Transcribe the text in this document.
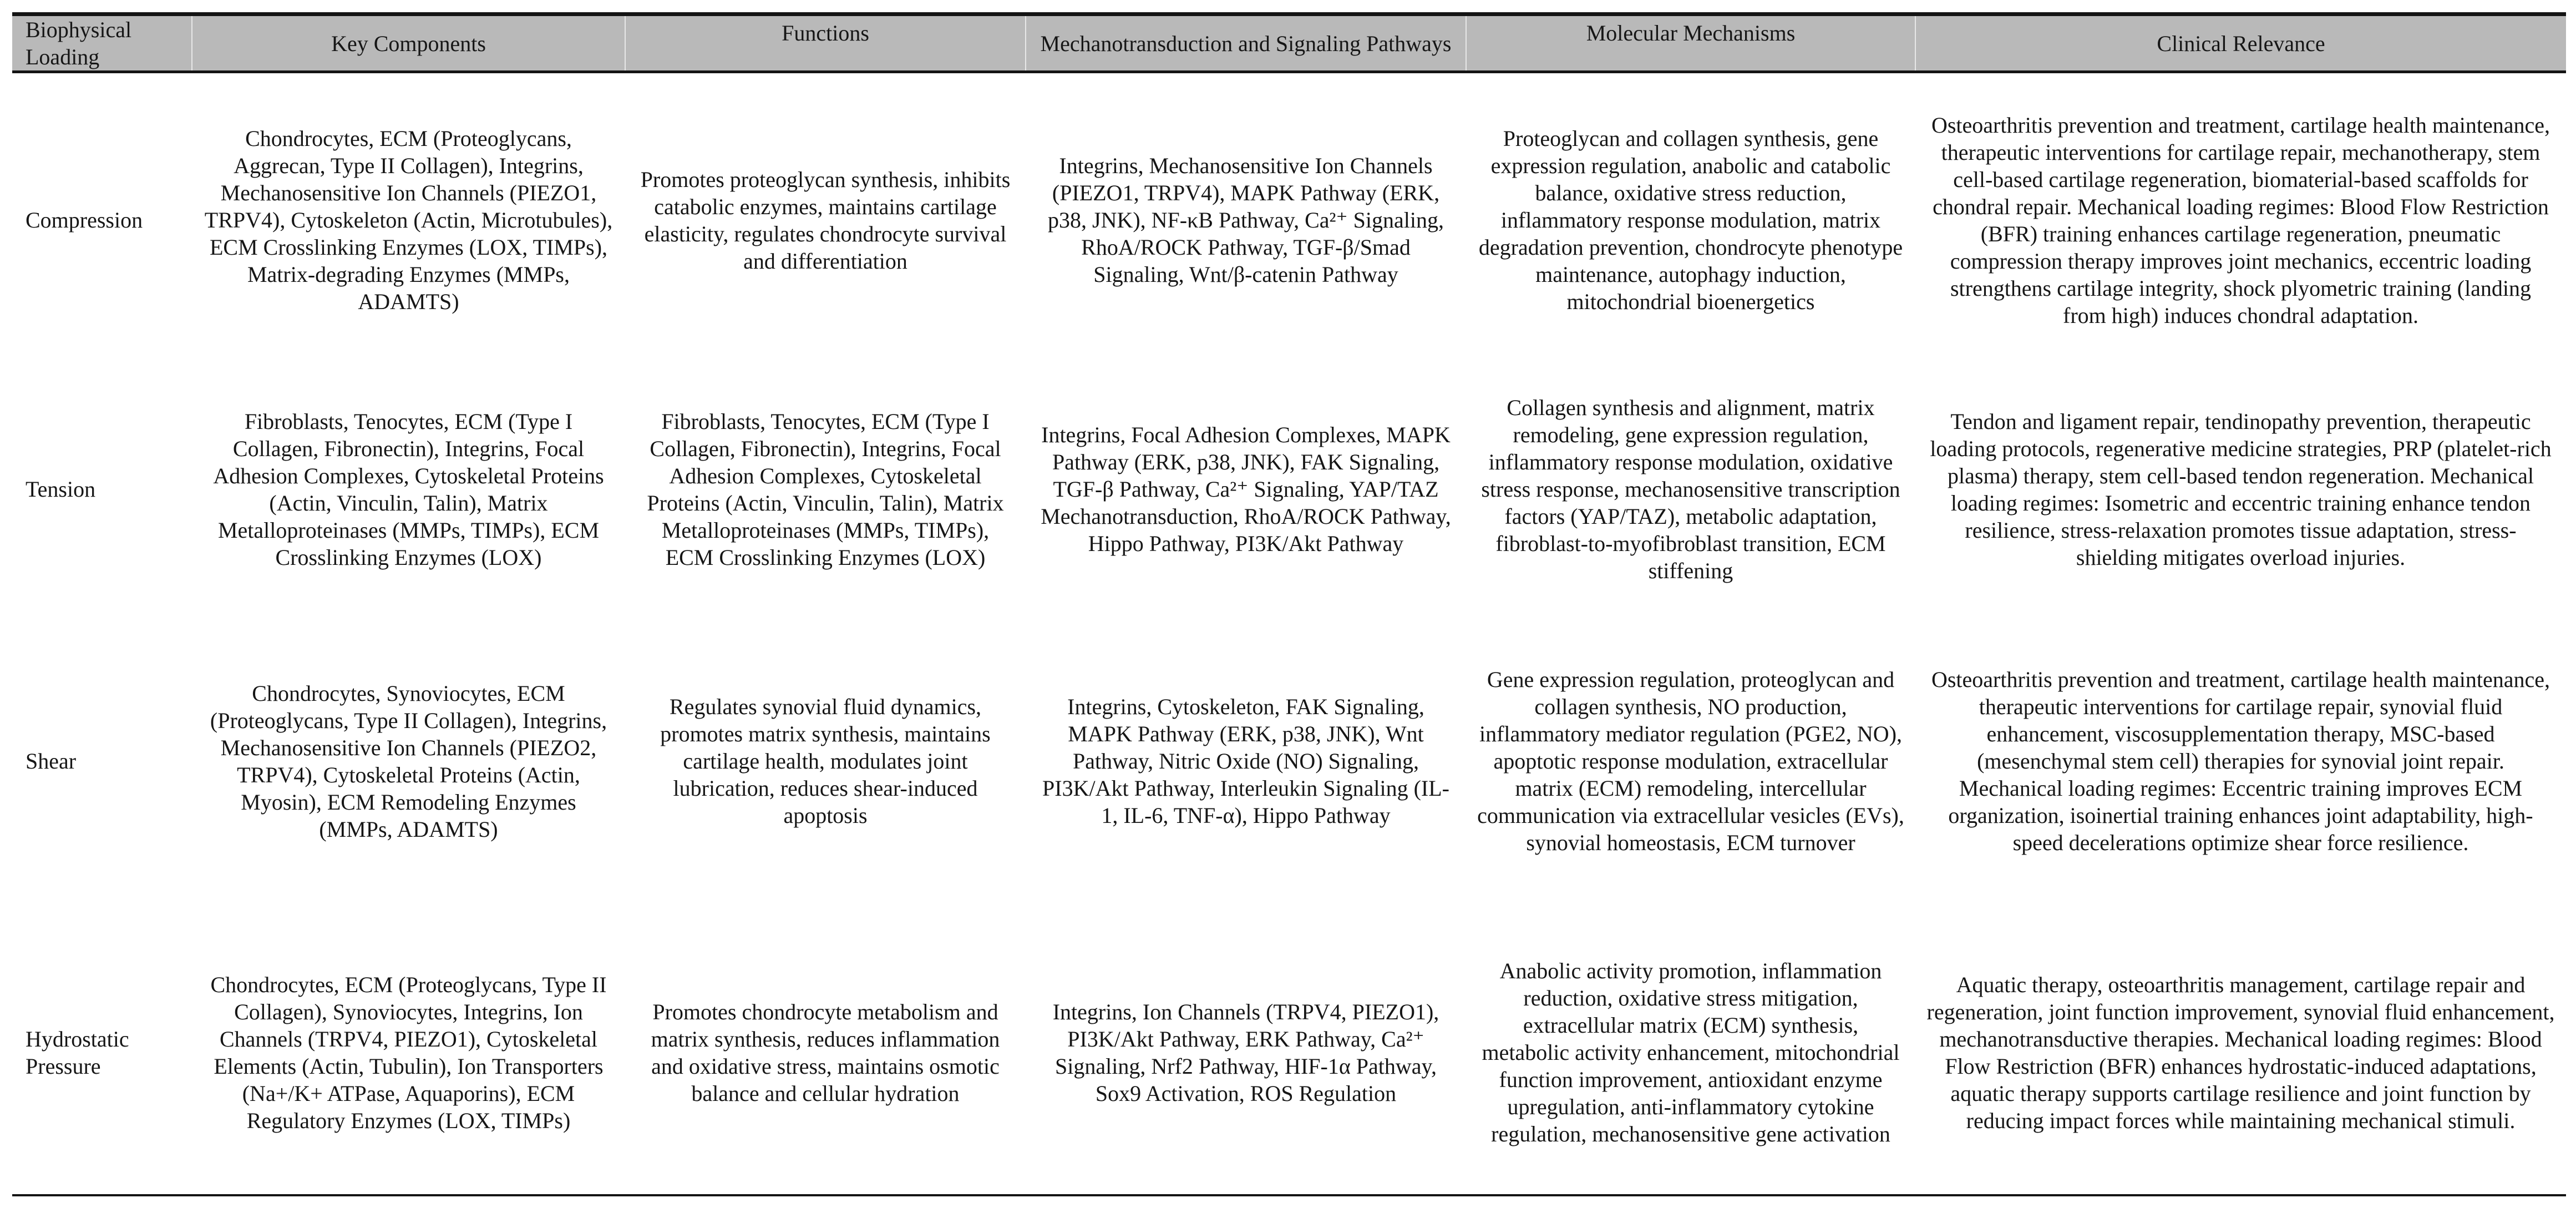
Biophysical Loading	Key Components	Functions	Mechanotransduction and Signaling Pathways	Molecular Mechanisms	Clinical Relevance
Compression	Chondrocytes, ECM (Proteoglycans, Aggrecan, Type II Collagen), Integrins, Mechanosensitive Ion Channels (PIEZO1, TRPV4), Cytoskeleton (Actin, Microtubules), ECM Crosslinking Enzymes (LOX, TIMPs), Matrix-degrading Enzymes (MMPs, ADAMTS)	Promotes proteoglycan synthesis, inhibits catabolic enzymes, maintains cartilage elasticity, regulates chondrocyte survival and differentiation	Integrins, Mechanosensitive Ion Channels (PIEZO1, TRPV4), MAPK Pathway (ERK, p38, JNK), NF-κB Pathway, Ca²⁺ Signaling, RhoA/ROCK Pathway, TGF-β/Smad Signaling, Wnt/β-catenin Pathway	Proteoglycan and collagen synthesis, gene expression regulation, anabolic and catabolic balance, oxidative stress reduction, inflammatory response modulation, matrix degradation prevention, chondrocyte phenotype maintenance, autophagy induction, mitochondrial bioenergetics	Osteoarthritis prevention and treatment, cartilage health maintenance, therapeutic interventions for cartilage repair, mechanotherapy, stem cell-based cartilage regeneration, biomaterial-based scaffolds for chondral repair. Mechanical loading regimes: Blood Flow Restriction (BFR) training enhances cartilage regeneration, pneumatic compression therapy improves joint mechanics, eccentric loading strengthens cartilage integrity, shock plyometric training (landing from high) induces chondral adaptation.
Tension	Fibroblasts, Tenocytes, ECM (Type I Collagen, Fibronectin), Integrins, Focal Adhesion Complexes, Cytoskeletal Proteins (Actin, Vinculin, Talin), Matrix Metalloproteinases (MMPs, TIMPs), ECM Crosslinking Enzymes (LOX)	Fibroblasts, Tenocytes, ECM (Type I Collagen, Fibronectin), Integrins, Focal Adhesion Complexes, Cytoskeletal Proteins (Actin, Vinculin, Talin), Matrix Metalloproteinases (MMPs, TIMPs), ECM Crosslinking Enzymes (LOX)	Integrins, Focal Adhesion Complexes, MAPK Pathway (ERK, p38, JNK), FAK Signaling, TGF-β Pathway, Ca²⁺ Signaling, YAP/TAZ Mechanotransduction, RhoA/ROCK Pathway, Hippo Pathway, PI3K/Akt Pathway	Collagen synthesis and alignment, matrix remodeling, gene expression regulation, inflammatory response modulation, oxidative stress response, mechanosensitive transcription factors (YAP/TAZ), metabolic adaptation, fibroblast-to-myofibroblast transition, ECM stiffening	Tendon and ligament repair, tendinopathy prevention, therapeutic loading protocols, regenerative medicine strategies, PRP (platelet-rich plasma) therapy, stem cell-based tendon regeneration. Mechanical loading regimes: Isometric and eccentric training enhance tendon resilience, stress-relaxation promotes tissue adaptation, stress-shielding mitigates overload injuries.
Shear	Chondrocytes, Synoviocytes, ECM (Proteoglycans, Type II Collagen), Integrins, Mechanosensitive Ion Channels (PIEZO2, TRPV4), Cytoskeletal Proteins (Actin, Myosin), ECM Remodeling Enzymes (MMPs, ADAMTS)	Regulates synovial fluid dynamics, promotes matrix synthesis, maintains cartilage health, modulates joint lubrication, reduces shear-induced apoptosis	Integrins, Cytoskeleton, FAK Signaling, MAPK Pathway (ERK, p38, JNK), Wnt Pathway, Nitric Oxide (NO) Signaling, PI3K/Akt Pathway, Interleukin Signaling (IL-1, IL-6, TNF-α), Hippo Pathway	Gene expression regulation, proteoglycan and collagen synthesis, NO production, inflammatory mediator regulation (PGE2, NO), apoptotic response modulation, extracellular matrix (ECM) remodeling, intercellular communication via extracellular vesicles (EVs), synovial homeostasis, ECM turnover	Osteoarthritis prevention and treatment, cartilage health maintenance, therapeutic interventions for cartilage repair, synovial fluid enhancement, viscosupplementation therapy, MSC-based (mesenchymal stem cell) therapies for synovial joint repair. Mechanical loading regimes: Eccentric training improves ECM organization, isoinertial training enhances joint adaptability, high-speed decelerations optimize shear force resilience.
Hydrostatic Pressure	Chondrocytes, ECM (Proteoglycans, Type II Collagen), Synoviocytes, Integrins, Ion Channels (TRPV4, PIEZO1), Cytoskeletal Elements (Actin, Tubulin), Ion Transporters (Na+/K+ ATPase, Aquaporins), ECM Regulatory Enzymes (LOX, TIMPs)	Promotes chondrocyte metabolism and matrix synthesis, reduces inflammation and oxidative stress, maintains osmotic balance and cellular hydration	Integrins, Ion Channels (TRPV4, PIEZO1), PI3K/Akt Pathway, ERK Pathway, Ca²⁺ Signaling, Nrf2 Pathway, HIF-1α Pathway, Sox9 Activation, ROS Regulation	Anabolic activity promotion, inflammation reduction, oxidative stress mitigation, extracellular matrix (ECM) synthesis, metabolic activity enhancement, mitochondrial function improvement, antioxidant enzyme upregulation, anti-inflammatory cytokine regulation, mechanosensitive gene activation	Aquatic therapy, osteoarthritis management, cartilage repair and regeneration, joint function improvement, synovial fluid enhancement, mechanotransductive therapies. Mechanical loading regimes: Blood Flow Restriction (BFR) enhances hydrostatic-induced adaptations, aquatic therapy supports cartilage resilience and joint function by reducing impact forces while maintaining mechanical stimuli.
